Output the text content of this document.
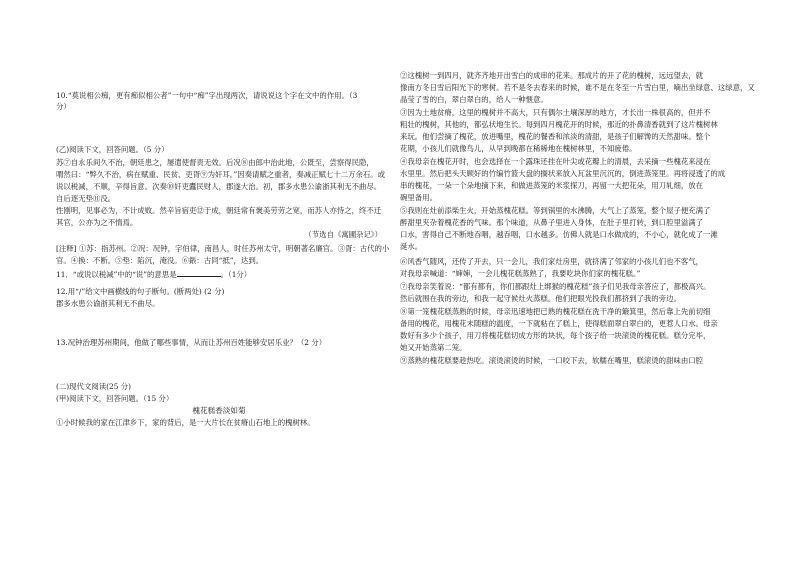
10.“莫说相公痴，更有痴似相公者”一句中“痴”字出现两次，请说说这个字在文中的作用。（3
分）
(乙)阅读下文，回答问题。（5 分）
苏⑦自永乐间久不治，朝廷患之，屡遣使督责无效。后况⑧由郎中治此地，公既至，尝察得民隐，
喟然曰：“弊久不治，病在赋重、民贫、吏胥⑨为奸耳。”因奏请赋之重者，奏减正赋七十二万余石。或
说以税减，不顺，辛得旨意。次奏⑩奸吏蠹民财人，郡遂大治。初，郡多水患公谕浙其利无不曲尽。
自后逐无垫⑪没。
性刚明，见事必为，不计成败。然辛旨宿吏⑫于成，朝廷常有褒美劳劳之宽，而苏人亦恃之，终不迁
其官，公亦为之不惰焉。
（节选自《寓圃杂记》）
[注释] ①苏：指苏州。②况：况钟，字伯律，南昌人，时任苏州太守，明朝著名廉官。③胥：古代的小
官。④换：不断。⑤垫：陷沉，淹没。⑥鋹：古同“抵”，达到。
11．“或说以税减”中的“说”的意思是	。（1分）
12.用“/”给文中画横线的句子断句。(断两处) (2 分)
郡多水患公谕浙其利无不曲尽。
13.况钟治理苏州期间，他做了哪些事情，从而让苏州百姓能够安居乐业？（2 分）
(二)现代文阅读(25 分)
(甲)阅读下文，回答问题。（15 分）
槐花糕香淡如菊
①小时候我的家在江津乡下，家的背后，是一大片长在贫瘠山石地上的槐树林。
②这槐树一到四月，就齐齐地开出雪白的成串的花来。那成片的开了花的槐树，远远望去，就
像南方冬日雪后阳光下的寒树。若不是冬去春来的时候，谁不是在冬至一片雪白里，嘀出坐绿意、这绿意，又
晶莹了雪的白，翠白翠白的，给人一种惬意。
③因为土地贫瘠，这里的槐树并不高大，只有偶尔土壤深厚的地方，才长出一株很高的，但并不
粗壮的槐树，其他的，都弘状地生长。每到四月槐花开的时候，那近的扑鼻清香就到了这片槐树林
来玩。他们尝摘了槐花，放进嘴里，槐花的餐香和浓淡的清甜，是孩子们解馋的天然甜味。整个
花期，小孩儿们就像鸟儿，从早到晚都在稀稀地在槐树林里，不知疲倦。
④我母亲在槐花开时，也会选择在一个露珠还挂在叶尖或花瓣上的清晨，去采摘一些槐花来浸在
水里里。然后把头天顾好的竹编竹篮大盘的搁状来放入瓦盆里沉沉的，倒进蒸笼里。再将浸透了的成
串的槐花，一朵一个朵地摘下来，和做进蒸笼的米浆探刀，再留一大把花朵，用刀轧细，放在
碗里备用。
⑤我则在灶前添柴生火，开始蒸槐花糕。等到锅里的水沸腾，大气上了蒸笼，整个屋子便充满了
醉甜里夹杂着槐花香的气味。那个味道，从鼻子里进入身体，在肚子里打转，到口腔里溢满了
口水，害得自己不断地吞咽，越吞咽，口水越多。仿佛人就是口水做成的，不小心，就化成了一滩
涎水。
⑥风香气随风，还传了开去，只一会儿，我们家灶房里，就挤满了邻家的小孩儿们也不客气，
对我母亲喊道：“婶婶，一会儿槐花糕蒸熟了，我要吃块你们家的槐花糕。”
⑦我母亲笑着说：“都有都有，你们都跟灶上绑猴的槐花糕”孩子们见我母亲答应了，都极高兴。
然后就围在我的旁边，和我一起守候灶火蒸糕。他们把眼光投我们都挤到了我的旁边。
⑧第一笼槐花糕蒸熟的时候，母亲迅速地把已熟的槐花糕在洗干净的簸箕里，然后靠上先前切细
备用的槐花，用槐花末随糕的温度，一下就粘在了糕上，使得糕面翠白翠白的，更惹人口水。母亲
数好有多少个孩子，用刀将槐花糕切成方形的块状，每个孩子给一块滚烫的槐花糕。糕分完毕，
她又开始蒸第二笼。
⑨蒸熟的槐花糕要趁热吃。滚烫滚烫的时候，一口咬下去，软糯在嘴里，糕滚烫的甜味由口腔
